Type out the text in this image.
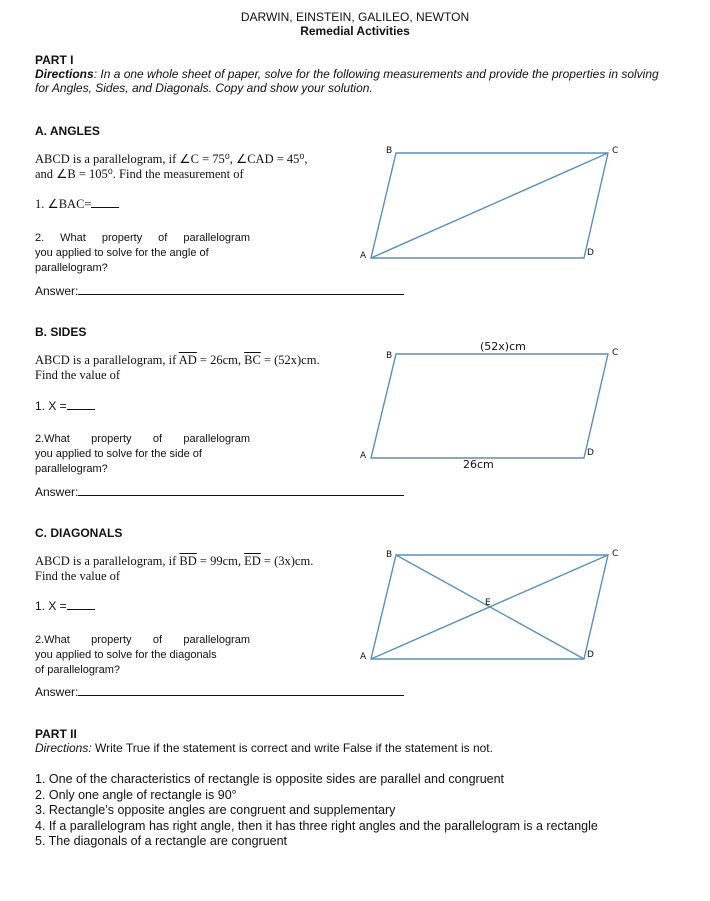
DARWIN, EINSTEIN, GALILEO, NEWTON
Remedial Activities
PART I
Directions: In a one whole sheet of paper, solve for the following measurements and provide the properties in solving
for Angles, Sides, and Diagonals. Copy and show your solution.
A. ANGLES
ABCD is a parallelogram, if ∠C = 75⁰, ∠CAD = 45⁰,
and ∠B = 105⁰. Find the measurement of
1. ∠BAC=
2. What property of parallelogram
you applied to solve for the angle of
parallelogram?
Answer:
B	C
A	D
B. SIDES
ABCD is a parallelogram, if $\overline{AD} = 26cm$, $\overline{BC} = (52x)cm$.
Find the value of
1. X =
2.What property of parallelogram
you applied to solve for the side of
parallelogram?
Answer:
B	C
A	D
(52x)cm
26cm
C. DIAGONALS
ABCD is a parallelogram, if $\overline{BD} = 99cm$, $\overline{ED} = (3x)cm$.
Find the value of
1. X =
2.What property of parallelogram
you applied to solve for the diagonals
of parallelogram?
Answer:
B	C
A	D
E
PART II
Directions: Write True if the statement is correct and write False if the statement is not.
1. One of the characteristics of rectangle is opposite sides are parallel and congruent
2. Only one angle of rectangle is 90°
3. Rectangle’s opposite angles are congruent and supplementary
4. If a parallelogram has right angle, then it has three right angles and the parallelogram is a rectangle
5. The diagonals of a rectangle are congruent
